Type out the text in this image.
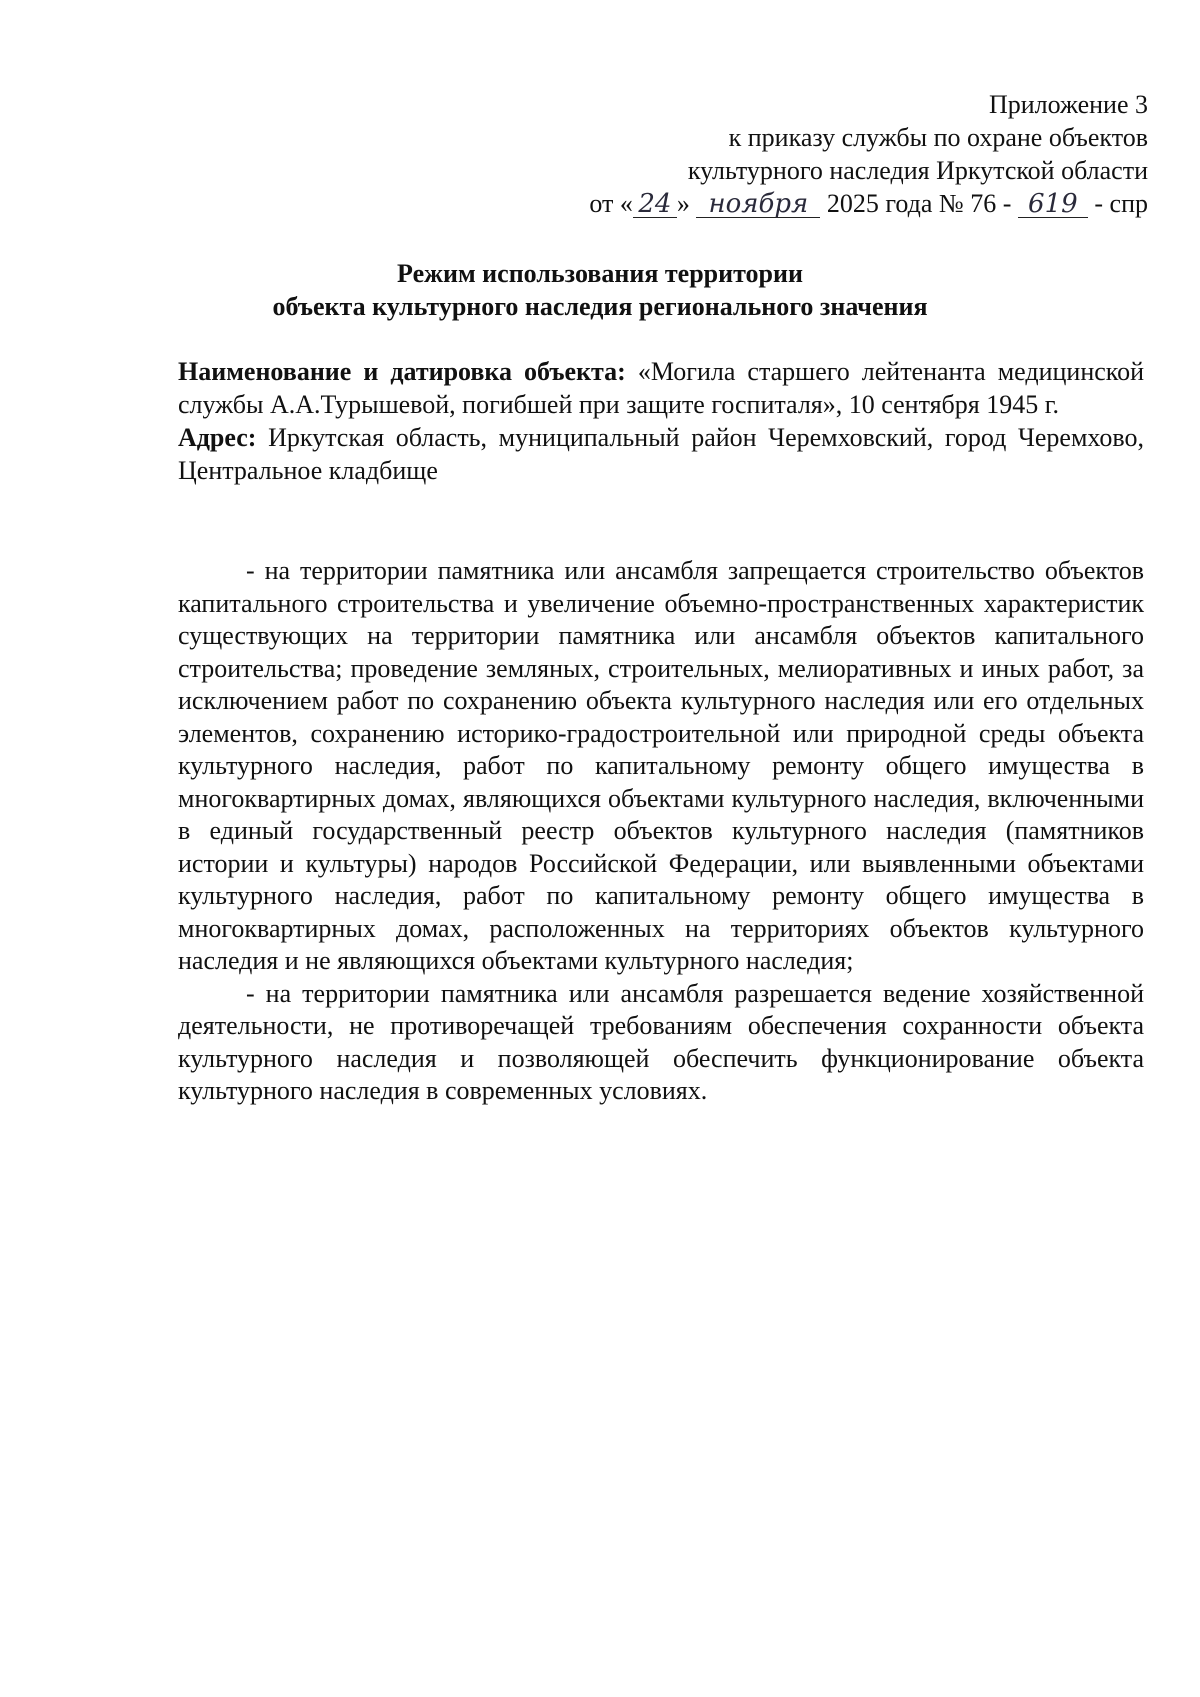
Приложение 3
к приказу службы по охране объектов
культурного наследия Иркутской области
от « 24 » ноября 2025 года № 76 - 619 - спр
Режим использования территории
объекта культурного наследия регионального значения

Наименование и датировка объекта: «Могила старшего лейтенанта медицинской службы А.А.Турышевой, погибшей при защите госпиталя», 10 сентября 1945 г.

Адрес: Иркутская область, муниципальный район Черемховский, город Черемхово, Центральное кладбище

- на территории памятника или ансамбля запрещается строительство объектов капитального строительства и увеличение объемно-пространственных характеристик существующих на территории памятника или ансамбля объектов капитального строительства; проведение земляных, строительных, мелиоративных и иных работ, за исключением работ по сохранению объекта культурного наследия или его отдельных элементов, сохранению историко-градостроительной или природной среды объекта культурного наследия, работ по капитальному ремонту общего имущества в многоквартирных домах, являющихся объектами культурного наследия, включенными в единый государственный реестр объектов культурного наследия (памятников истории и культуры) народов Российской Федерации, или выявленными объектами культурного наследия, работ по капитальному ремонту общего имущества в многоквартирных домах, расположенных на территориях объектов культурного наследия и не являющихся объектами культурного наследия;

- на территории памятника или ансамбля разрешается ведение хозяйственной деятельности, не противоречащей требованиям обеспечения сохранности объекта культурного наследия и позволяющей обеспечить функционирование объекта культурного наследия в современных условиях.
